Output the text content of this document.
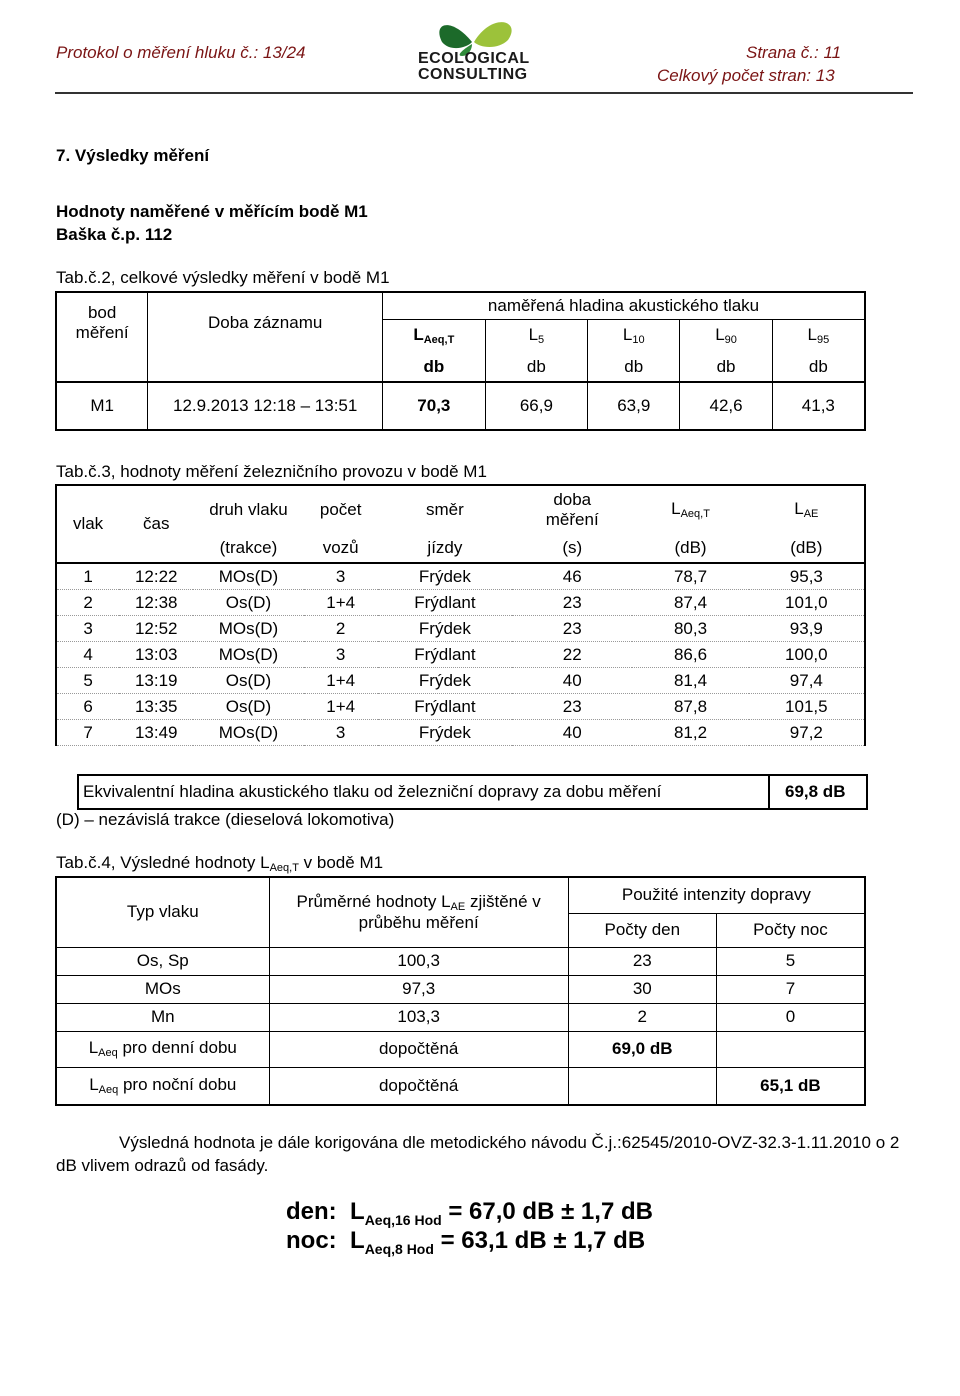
Protokol o měření hluku č.: 13/24	ECOLOGICAL
CONSULTING
Strana č.: 11
Celkový počet stran: 13
7. Výsledky měření
Hodnoty naměřené v měřícím bodě M1
Baška č.p. 112
Tab.č.2, celkové výsledky měření v bodě M1
bod
měření	Doba záznamu	naměřená hladina akustického tlaku				
		$L_{Aeq,T}$	$L_5$	$L_{10}$	$L_{90}$	$L_{95}$
		db	db	db	db	db
M1	12.9.2013 12:18 – 13:51	70,3	66,9	63,9	42,6	41,3
Tab.č.3, hodnoty měření železničního provozu v bodě M1
vlak	čas	druh vlaku	počet	směr	doba
měření	$L_{Aeq,T}$	$L_{AE}$
		(trakce)	vozů	jízdy	(s)	(dB)	(dB)
1	12:22	MOs(D)	3	Frýdek	46	78,7	95,3
2	12:38	Os(D)	1+4	Frýdlant	23	87,4	101,0
3	12:52	MOs(D)	2	Frýdek	23	80,3	93,9
4	13:03	MOs(D)	3	Frýdlant	22	86,6	100,0
5	13:19	Os(D)	1+4	Frýdek	40	81,4	97,4
6	13:35	Os(D)	1+4	Frýdlant	23	87,8	101,5
7	13:49	MOs(D)	3	Frýdek	40	81,2	97,2
Ekvivalentní hladina akustického tlaku od železniční dopravy za dobu měření	69,8 dB
(D) – nezávislá trakce (dieselová lokomotiva)
Tab.č.4, Výsledné hodnoty $L_{Aeq,T}$ v bodě M1
Typ vlaku	Průměrné hodnoty $L_{AE}$ zjištěné v průběhu měření	Použité intenzity dopravy	
		Počty den	Počty noc
Os, Sp	100,3	23	5
MOs	97,3	30	7
Mn	103,3	2	0
$L_{Aeq}$ pro denní dobu	dopočtěná	69,0 dB	
$L_{Aeq}$ pro noční dobu	dopočtěná		65,1 dB
Výsledná hodnota je dále korigována dle metodického návodu Č.j.:62545/2010-OVZ-32.3-1.11.2010 o 2 dB vlivem odrazů od fasády.
den: $L_{Aeq,16 Hod} = 67,0$ dB ± 1,7 dB
noc: $L_{Aeq,8 Hod} = 63,1$ dB ± 1,7 dB
